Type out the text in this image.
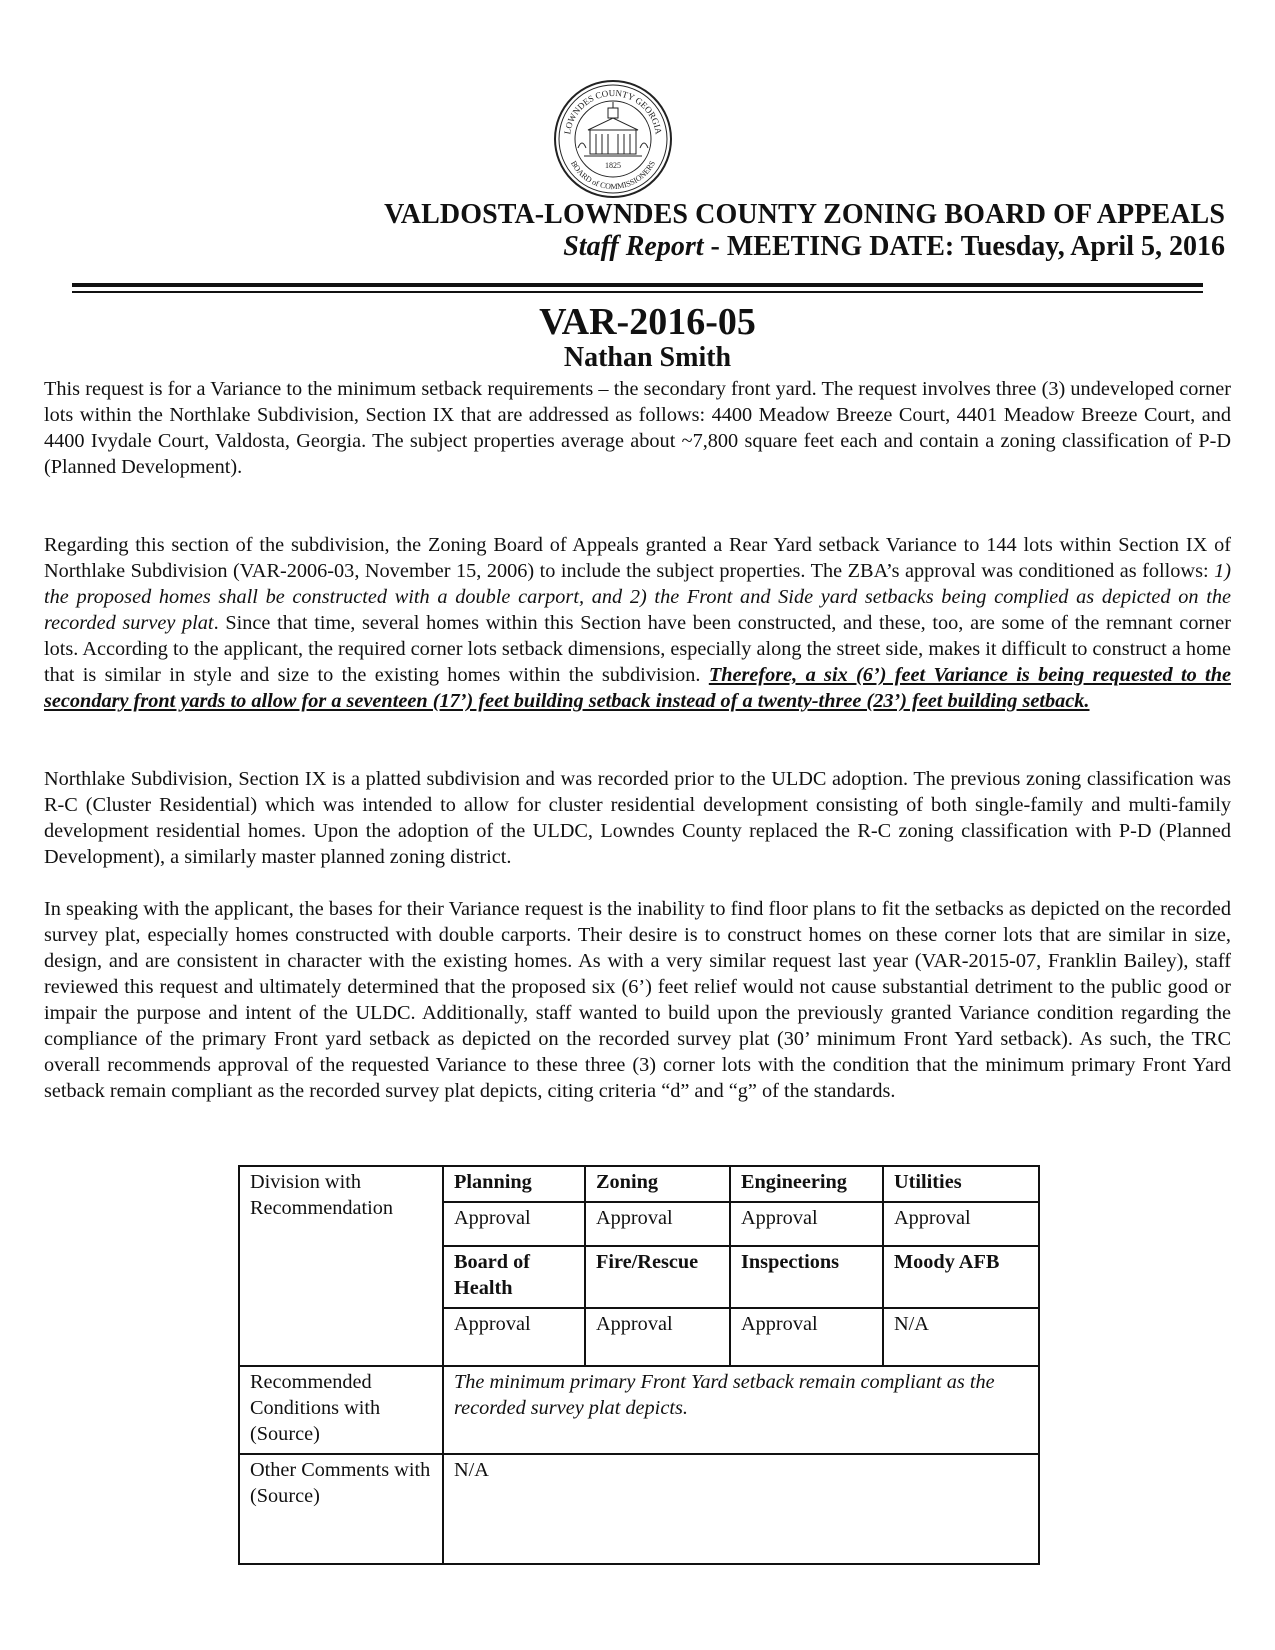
LOWNDES COUNTY GEORGIA
BOARD of COMMISSIONERS
1825
VALDOSTA-LOWNDES COUNTY ZONING BOARD OF APPEALS
Staff Report - MEETING DATE: Tuesday, April 5, 2016
VAR-2016-05
Nathan Smith
This request is for a Variance to the minimum setback requirements – the secondary front yard. The request involves three (3) undeveloped corner lots within the Northlake Subdivision, Section IX that are addressed as follows: 4400 Meadow Breeze Court, 4401 Meadow Breeze Court, and 4400 Ivydale Court, Valdosta, Georgia. The subject properties average about ~7,800 square feet each and contain a zoning classification of P-D (Planned Development).
Regarding this section of the subdivision, the Zoning Board of Appeals granted a Rear Yard setback Variance to 144 lots within Section IX of Northlake Subdivision (VAR-2006-03, November 15, 2006) to include the subject properties. The ZBA’s approval was conditioned as follows: 1) the proposed homes shall be constructed with a double carport, and 2) the Front and Side yard setbacks being complied as depicted on the recorded survey plat. Since that time, several homes within this Section have been constructed, and these, too, are some of the remnant corner lots. According to the applicant, the required corner lots setback dimensions, especially along the street side, makes it difficult to construct a home that is similar in style and size to the existing homes within the subdivision. Therefore, a six (6’) feet Variance is being requested to the secondary front yards to allow for a seventeen (17’) feet building setback instead of a twenty-three (23’) feet building setback.
Northlake Subdivision, Section IX is a platted subdivision and was recorded prior to the ULDC adoption. The previous zoning classification was R-C (Cluster Residential) which was intended to allow for cluster residential development consisting of both single-family and multi-family development residential homes. Upon the adoption of the ULDC, Lowndes County replaced the R-C zoning classification with P-D (Planned Development), a similarly master planned zoning district.
In speaking with the applicant, the bases for their Variance request is the inability to find floor plans to fit the setbacks as depicted on the recorded survey plat, especially homes constructed with double carports. Their desire is to construct homes on these corner lots that are similar in size, design, and are consistent in character with the existing homes. As with a very similar request last year (VAR-2015-07, Franklin Bailey), staff reviewed this request and ultimately determined that the proposed six (6’) feet relief would not cause substantial detriment to the public good or impair the purpose and intent of the ULDC. Additionally, staff wanted to build upon the previously granted Variance condition regarding the compliance of the primary Front yard setback as depicted on the recorded survey plat (30’ minimum Front Yard setback). As such, the TRC overall recommends approval of the requested Variance to these three (3) corner lots with the condition that the minimum primary Front Yard setback remain compliant as the recorded survey plat depicts, citing criteria “d” and “g” of the standards.
Division with Recommendation	Planning	Zoning	Engineering	Utilities
	Approval	Approval	Approval	Approval
	Board of Health	Fire/Rescue	Inspections	Moody AFB
	Approval	Approval	Approval	N/A
Recommended Conditions with (Source)	The minimum primary Front Yard setback remain compliant as the recorded survey plat depicts.			
Other Comments with (Source)	N/A			
